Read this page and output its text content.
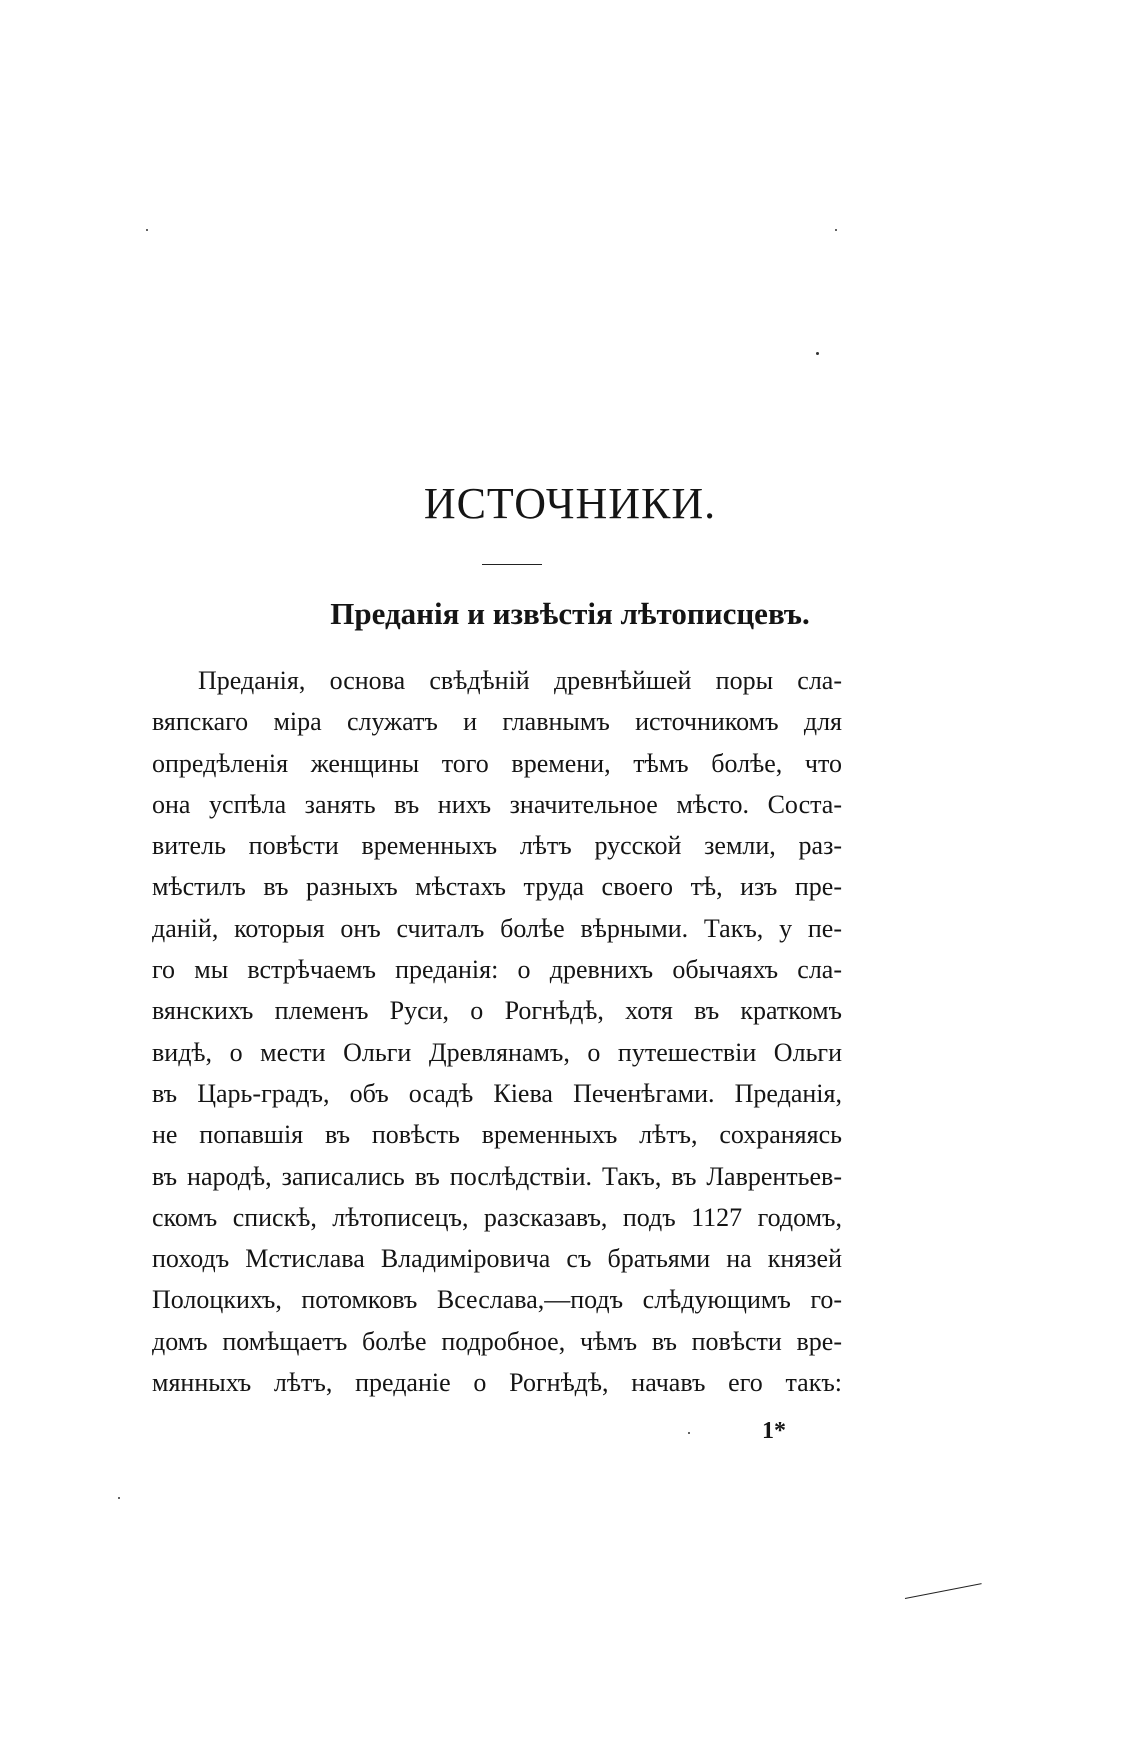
ИСТОЧНИКИ.
Преданія и извѣстія лѣтописцевъ.
Преданія, основа свѣдѣній древнѣйшей поры сла-
вяпскаго міра служатъ и главнымъ источникомъ для
опредѣленія женщины того времени, тѣмъ болѣе, что
она успѣла занять въ нихъ значительное мѣсто. Соста-
витель повѣсти временныхъ лѣтъ русской земли, раз-
мѣстилъ въ разныхъ мѣстахъ труда своего тѣ, изъ пре-
даній, которыя онъ считалъ болѣе вѣрными. Такъ, у пе-
го мы встрѣчаемъ преданія: о древнихъ обычаяхъ сла-
вянскихъ племенъ Руси, о Рогнѣдѣ, хотя въ краткомъ
видѣ, о мести Ольги Древлянамъ, о путешествіи Ольги
въ Царь-градъ, объ осадѣ Кіева Печенѣгами. Преданія,
не попавшія въ повѣсть временныхъ лѣтъ, сохраняясь
въ народѣ, записались въ послѣдствіи. Такъ, въ Лаврентьев-
скомъ спискѣ, лѣтописецъ, разсказавъ, подъ 1127 годомъ,
походъ Мстислава Владиміровича съ братьями на князей
Полоцкихъ, потомковъ Всеслава,—подъ слѣдующимъ го-
домъ помѣщаетъ болѣе подробное, чѣмъ въ повѣсти вре-
мянныхъ лѣтъ, преданіе о Рогнѣдѣ, начавъ его такъ:
1*
